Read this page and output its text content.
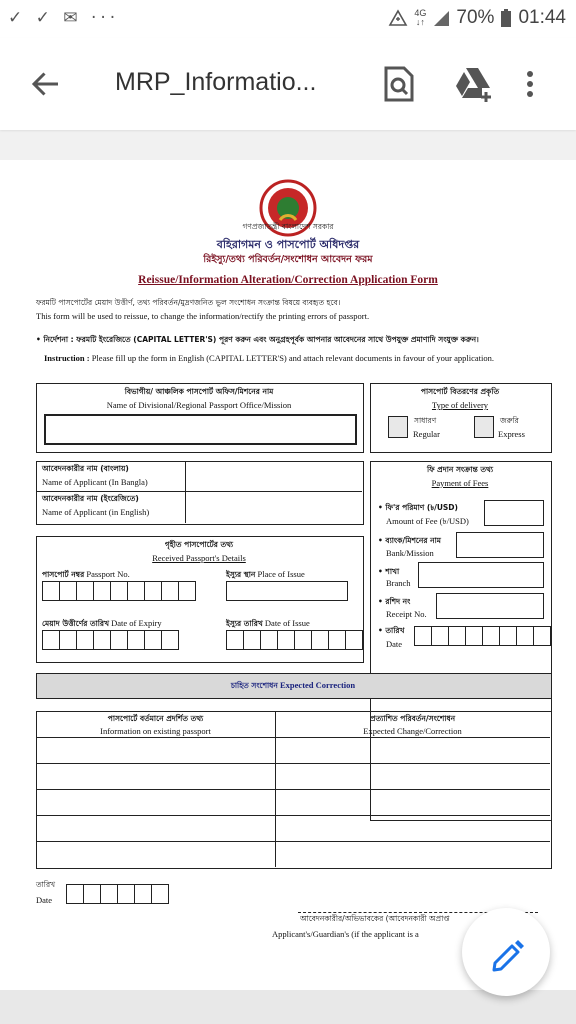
✓ ✓ ✉ ···	4G
↓↑ 70% 01:44
MRP_Informatio...
গণপ্রজাতন্ত্রী বাংলাদেশ সরকার
বহিরাগমন ও পাসপোর্ট অধিদপ্তর
রিইস্যু/তথ্য পরিবর্তন/সংশোধন আবেদন ফরম
Reissue/Information Alteration/Correction Application Form
ফরমটি পাসপোর্টের মেয়াদ উত্তীর্ণ, তথ্য পরিবর্তন/মুদ্রণজনিত ভুল সংশোধন সংক্রান্ত বিষয়ে ব্যবহৃত হবে।
This form will be used to reissue, to change the information/rectify the printing errors of passport.
• নির্দেশনা : ফরমটি ইংরেজিতে (CAPITAL LETTER'S) পূরণ করুন এবং অনুগ্রহপূর্বক আপনার আবেদনের সাথে উপযুক্ত প্রমাণাদি সংযুক্ত করুন।
Instruction : Please fill up the form in English (CAPITAL LETTER'S) and attach relevant documents in favour of your application.
বিভাগীয়/ আঞ্চলিক পাসপোর্ট অফিস/মিশনের নাম
Name of Divisional/Regional Passport Office/Mission
পাসপোর্ট বিতরণের প্রকৃতি
Type of delivery
সাধারণ
Regular
জরুরি
Express
আবেদনকারীর নাম (বাংলায়)
Name of Applicant (In Bangla)
আবেদনকারীর নাম (ইংরেজিতে)
Name of Applicant (in English)
ফি প্রদান সংক্রান্ত তথ্য
Payment of Fees
• ফি'র পরিমাণ (৳/USD)
Amount of Fee (৳/USD)
• ব্যাংক/মিশনের নাম
Bank/Mission
• শাখা
Branch
• রশিদ নং
Receipt No.
• তারিখ
Date
গৃহীত পাসপোর্টের তথ্য
Received Passport's Details
পাসপোর্ট নম্বর Passport No.	ইস্যুর স্থান Place of Issue
মেয়াদ উত্তীর্ণের তারিখ Date of Expiry	ইস্যুর তারিখ Date of Issue
চাহিত সংশোধন Expected Correction
পাসপোর্টে বর্তমানে প্রদর্শিত তথ্য
Information on existing passport
প্রত্যাশিত পরিবর্তন/সংশোধন
Expected Change/Correction
তারিখ
Date
আবেদনকারীর/অভিভাবকের (আবেদনকারী অপ্রাপ্ত
Applicant's/Guardian's (if the applicant is a
